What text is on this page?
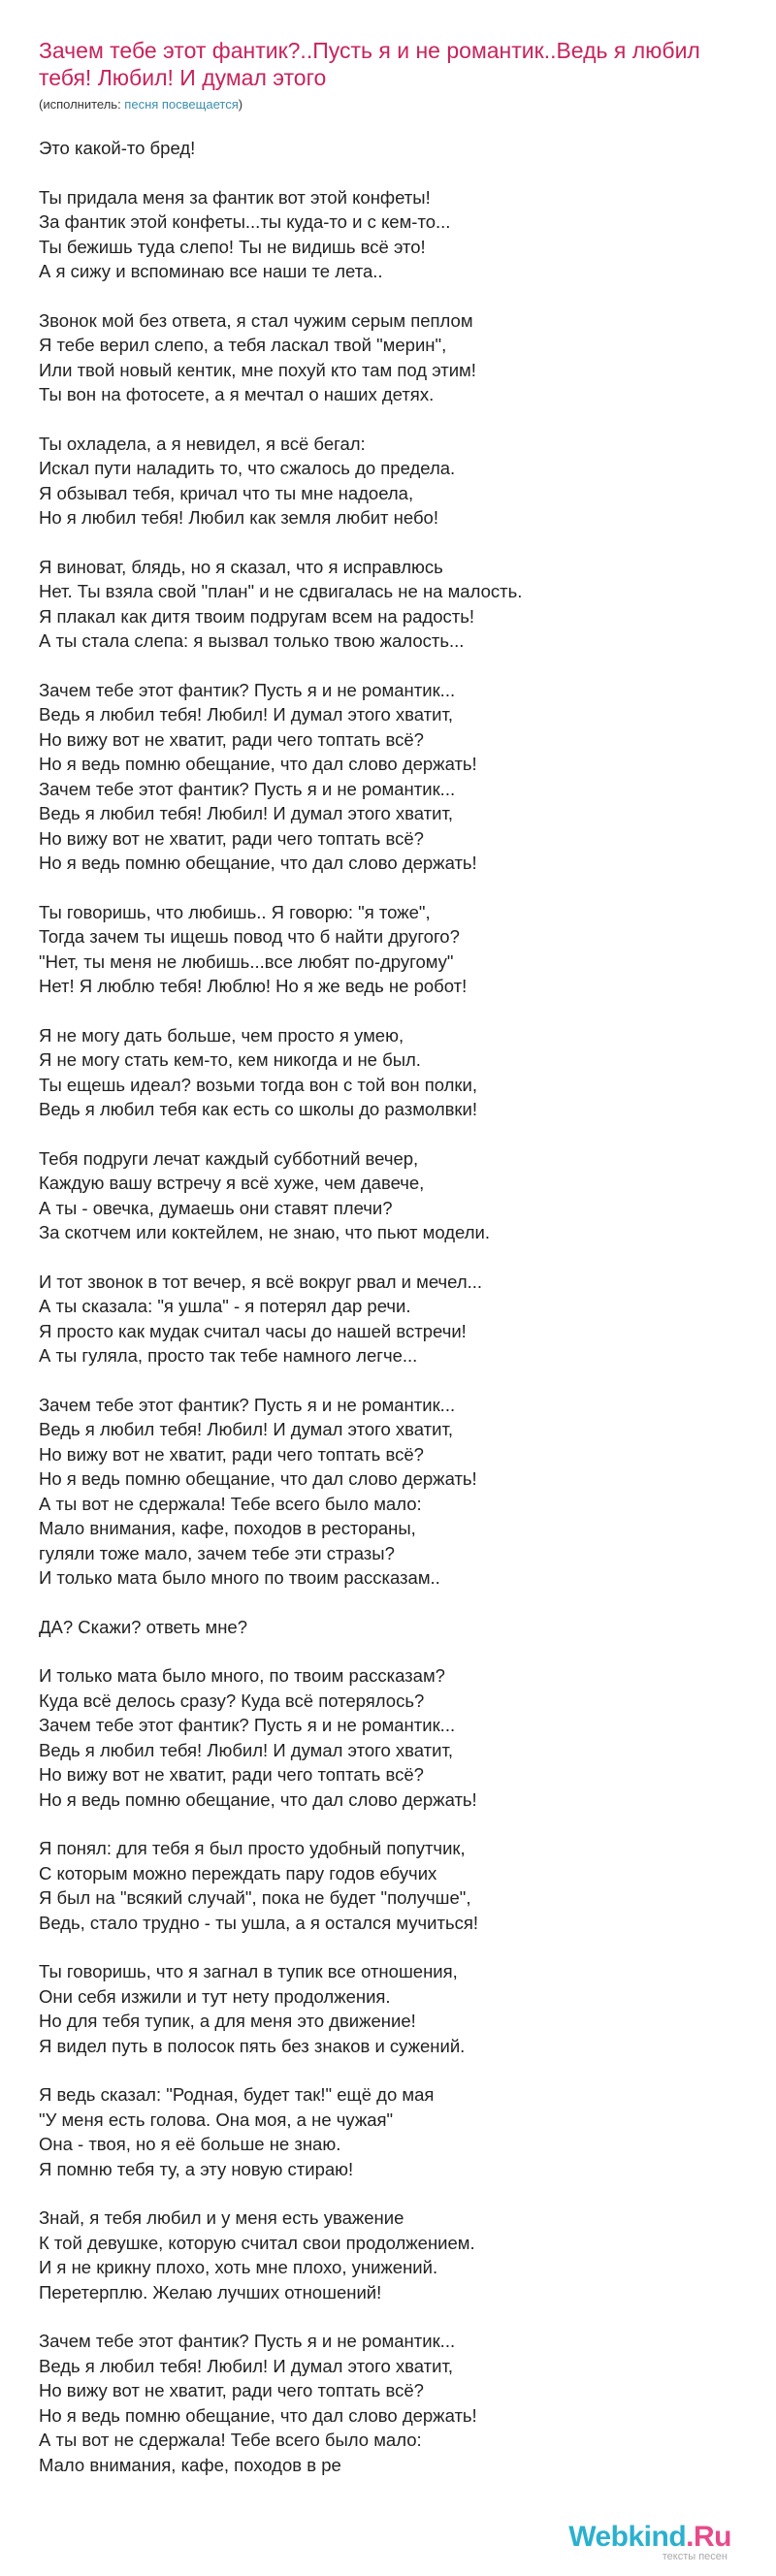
Зачем тебе этот фантик?..Пусть я и не романтик..Ведь я любил тебя! Любил! И думал этого
(исполнитель: песня посвещается)
Это какой-то бред!
Ты придала меня за фантик вот этой конфеты!
За фантик этой конфеты...ты куда-то и с кем-то...
Ты бежишь туда слепо! Ты не видишь всё это!
А я сижу и вспоминаю все наши те лета..
Звонок мой без ответа, я стал чужим серым пеплом
Я тебе верил слепо, а тебя ласкал твой "мерин",
Или твой новый кентик, мне похуй кто там под этим!
Ты вон на фотосете, а я мечтал о наших детях.
Ты охладела, а я невидел, я всё бегал:
Искал пути наладить то, что сжалось до предела.
Я обзывал тебя, кричал что ты мне надоела,
Но я любил тебя! Любил как земля любит небо!
Я виноват, блядь, но я сказал, что я исправлюсь
Нет. Ты взяла свой "план" и не сдвигалась не на малость.
Я плакал как дитя твоим подругам всем на радость!
А ты стала слепа: я вызвал только твою жалость...
Зачем тебе этот фантик? Пусть я и не романтик...
Ведь я любил тебя! Любил! И думал этого хватит,
Но вижу вот не хватит, ради чего топтать всё?
Но я ведь помню обещание, что дал слово держать!
Зачем тебе этот фантик? Пусть я и не романтик...
Ведь я любил тебя! Любил! И думал этого хватит,
Но вижу вот не хватит, ради чего топтать всё?
Но я ведь помню обещание, что дал слово держать!
Ты говоришь, что любишь.. Я говорю: "я тоже",
Тогда зачем ты ищешь повод что б найти другого?
"Нет, ты меня не любишь...все любят по-другому"
Нет! Я люблю тебя! Люблю! Но я же ведь не робот!
Я не могу дать больше, чем просто я умею,
Я не могу стать кем-то, кем никогда и не был.
Ты ещешь идеал? возьми тогда вон с той вон полки,
Ведь я любил тебя как есть со школы до размолвки!
Тебя подруги лечат каждый субботний вечер,
Каждую вашу встречу я всё хуже, чем давече,
А ты - овечка, думаешь они ставят плечи?
За скотчем или коктейлем, не знаю, что пьют модели.
И тот звонок в тот вечер, я всё вокруг рвал и мечел...
А ты сказала: "я ушла" - я потерял дар речи.
Я просто как мудак считал часы до нашей встречи!
А ты гуляла, просто так тебе намного легче...
Зачем тебе этот фантик? Пусть я и не романтик...
Ведь я любил тебя! Любил! И думал этого хватит,
Но вижу вот не хватит, ради чего топтать всё?
Но я ведь помню обещание, что дал слово держать!
А ты вот не сдержала! Тебе всего было мало:
Мало внимания, кафе, походов в рестораны,
гуляли тоже мало, зачем тебе эти стразы?
И только мата было много по твоим рассказам..
ДА? Скажи? ответь мне?
И только мата было много, по твоим рассказам?
Куда всё делось сразу? Куда всё потерялось?
Зачем тебе этот фантик? Пусть я и не романтик...
Ведь я любил тебя! Любил! И думал этого хватит,
Но вижу вот не хватит, ради чего топтать всё?
Но я ведь помню обещание, что дал слово держать!
Я понял: для тебя я был просто удобный попутчик,
С которым можно переждать пару годов ебучих
Я был на "всякий случай", пока не будет "получше",
Ведь, стало трудно - ты ушла, а я остался мучиться!
Ты говоришь, что я загнал в тупик все отношения,
Они себя изжили и тут нету продолжения.
Но для тебя тупик, а для меня это движение!
Я видел путь в полосок пять без знаков и сужений.
Я ведь сказал: "Родная, будет так!" ещё до мая
"У меня есть голова. Она моя, а не чужая"
Она - твоя, но я её больше не знаю.
Я помню тебя ту, а эту новую стираю!
Знай, я тебя любил и у меня есть уважение
К той девушке, которую считал свои продолжением.
И я не крикну плохо, хоть мне плохо, унижений.
Перетерплю. Желаю лучших отношений!
Зачем тебе этот фантик? Пусть я и не романтик...
Ведь я любил тебя! Любил! И думал этого хватит,
Но вижу вот не хватит, ради чего топтать всё?
Но я ведь помню обещание, что дал слово держать!
А ты вот не сдержала! Тебе всего было мало:
Мало внимания, кафе, походов в ре
Webkind.Ru
тексты песен
